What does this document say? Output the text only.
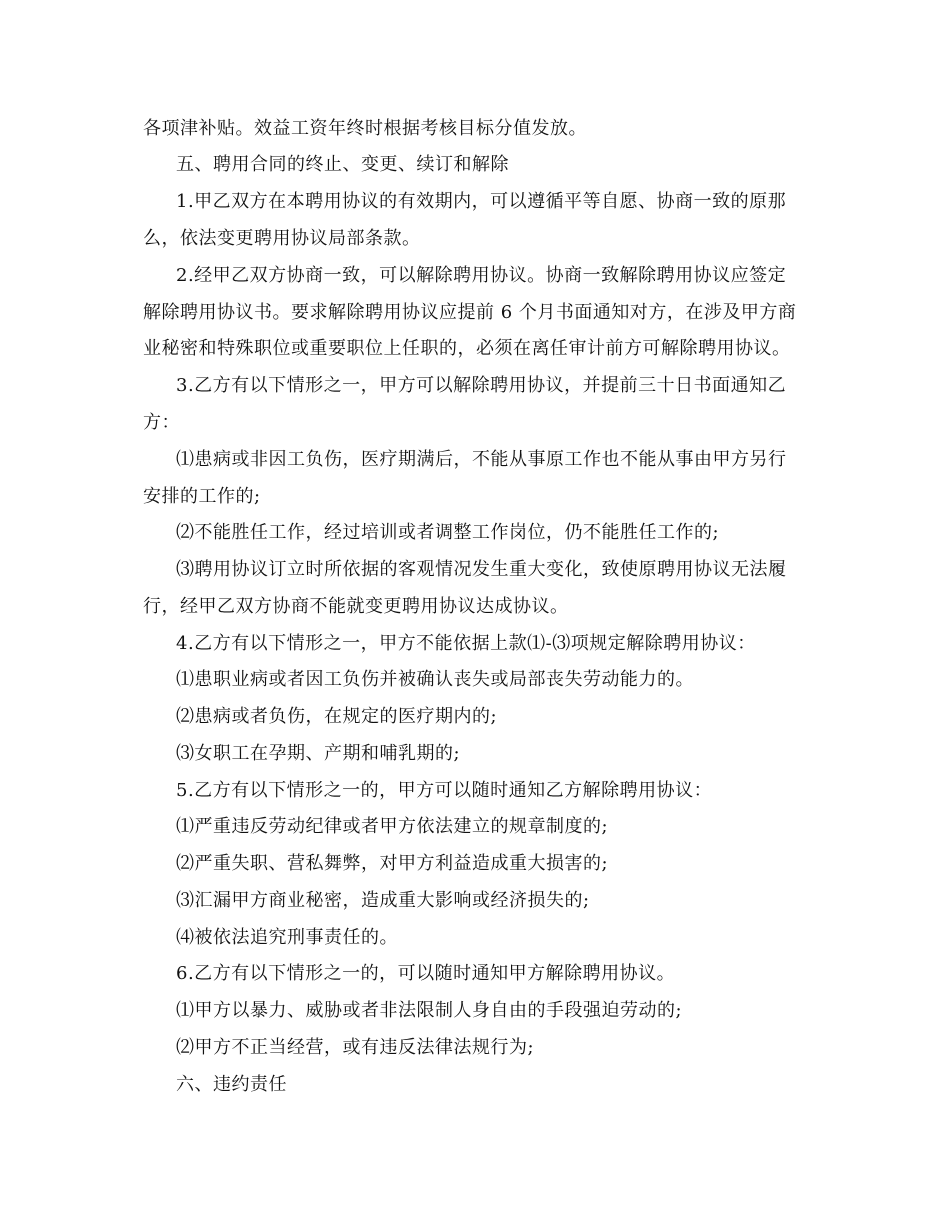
各项津补贴。效益工资年终时根据考核目标分值发放。

五、聘用合同的终止、变更、续订和解除

1.甲乙双方在本聘用协议的有效期内，可以遵循平等自愿、协商一致的原那

么，依法变更聘用协议局部条款。

2.经甲乙双方协商一致，可以解除聘用协议。协商一致解除聘用协议应签定

解除聘用协议书。要求解除聘用协议应提前 6 个月书面通知对方，在涉及甲方商

业秘密和特殊职位或重要职位上任职的，必须在离任审计前方可解除聘用协议。

3.乙方有以下情形之一，甲方可以解除聘用协议，并提前三十日书面通知乙

方：

⑴患病或非因工负伤，医疗期满后，不能从事原工作也不能从事由甲方另行

安排的工作的;

⑵不能胜任工作，经过培训或者调整工作岗位，仍不能胜任工作的;

⑶聘用协议订立时所依据的客观情况发生重大变化，致使原聘用协议无法履

行，经甲乙双方协商不能就变更聘用协议达成协议。

4.乙方有以下情形之一，甲方不能依据上款⑴-⑶项规定解除聘用协议：

⑴患职业病或者因工负伤并被确认丧失或局部丧失劳动能力的。

⑵患病或者负伤，在规定的医疗期内的;

⑶女职工在孕期、产期和哺乳期的;

5.乙方有以下情形之一的，甲方可以随时通知乙方解除聘用协议：

⑴严重违反劳动纪律或者甲方依法建立的规章制度的;

⑵严重失职、营私舞弊，对甲方利益造成重大损害的;

⑶汇漏甲方商业秘密，造成重大影响或经济损失的;

⑷被依法追究刑事责任的。

6.乙方有以下情形之一的，可以随时通知甲方解除聘用协议。

⑴甲方以暴力、威胁或者非法限制人身自由的手段强迫劳动的;

⑵甲方不正当经营，或有违反法律法规行为;

六、违约责任
